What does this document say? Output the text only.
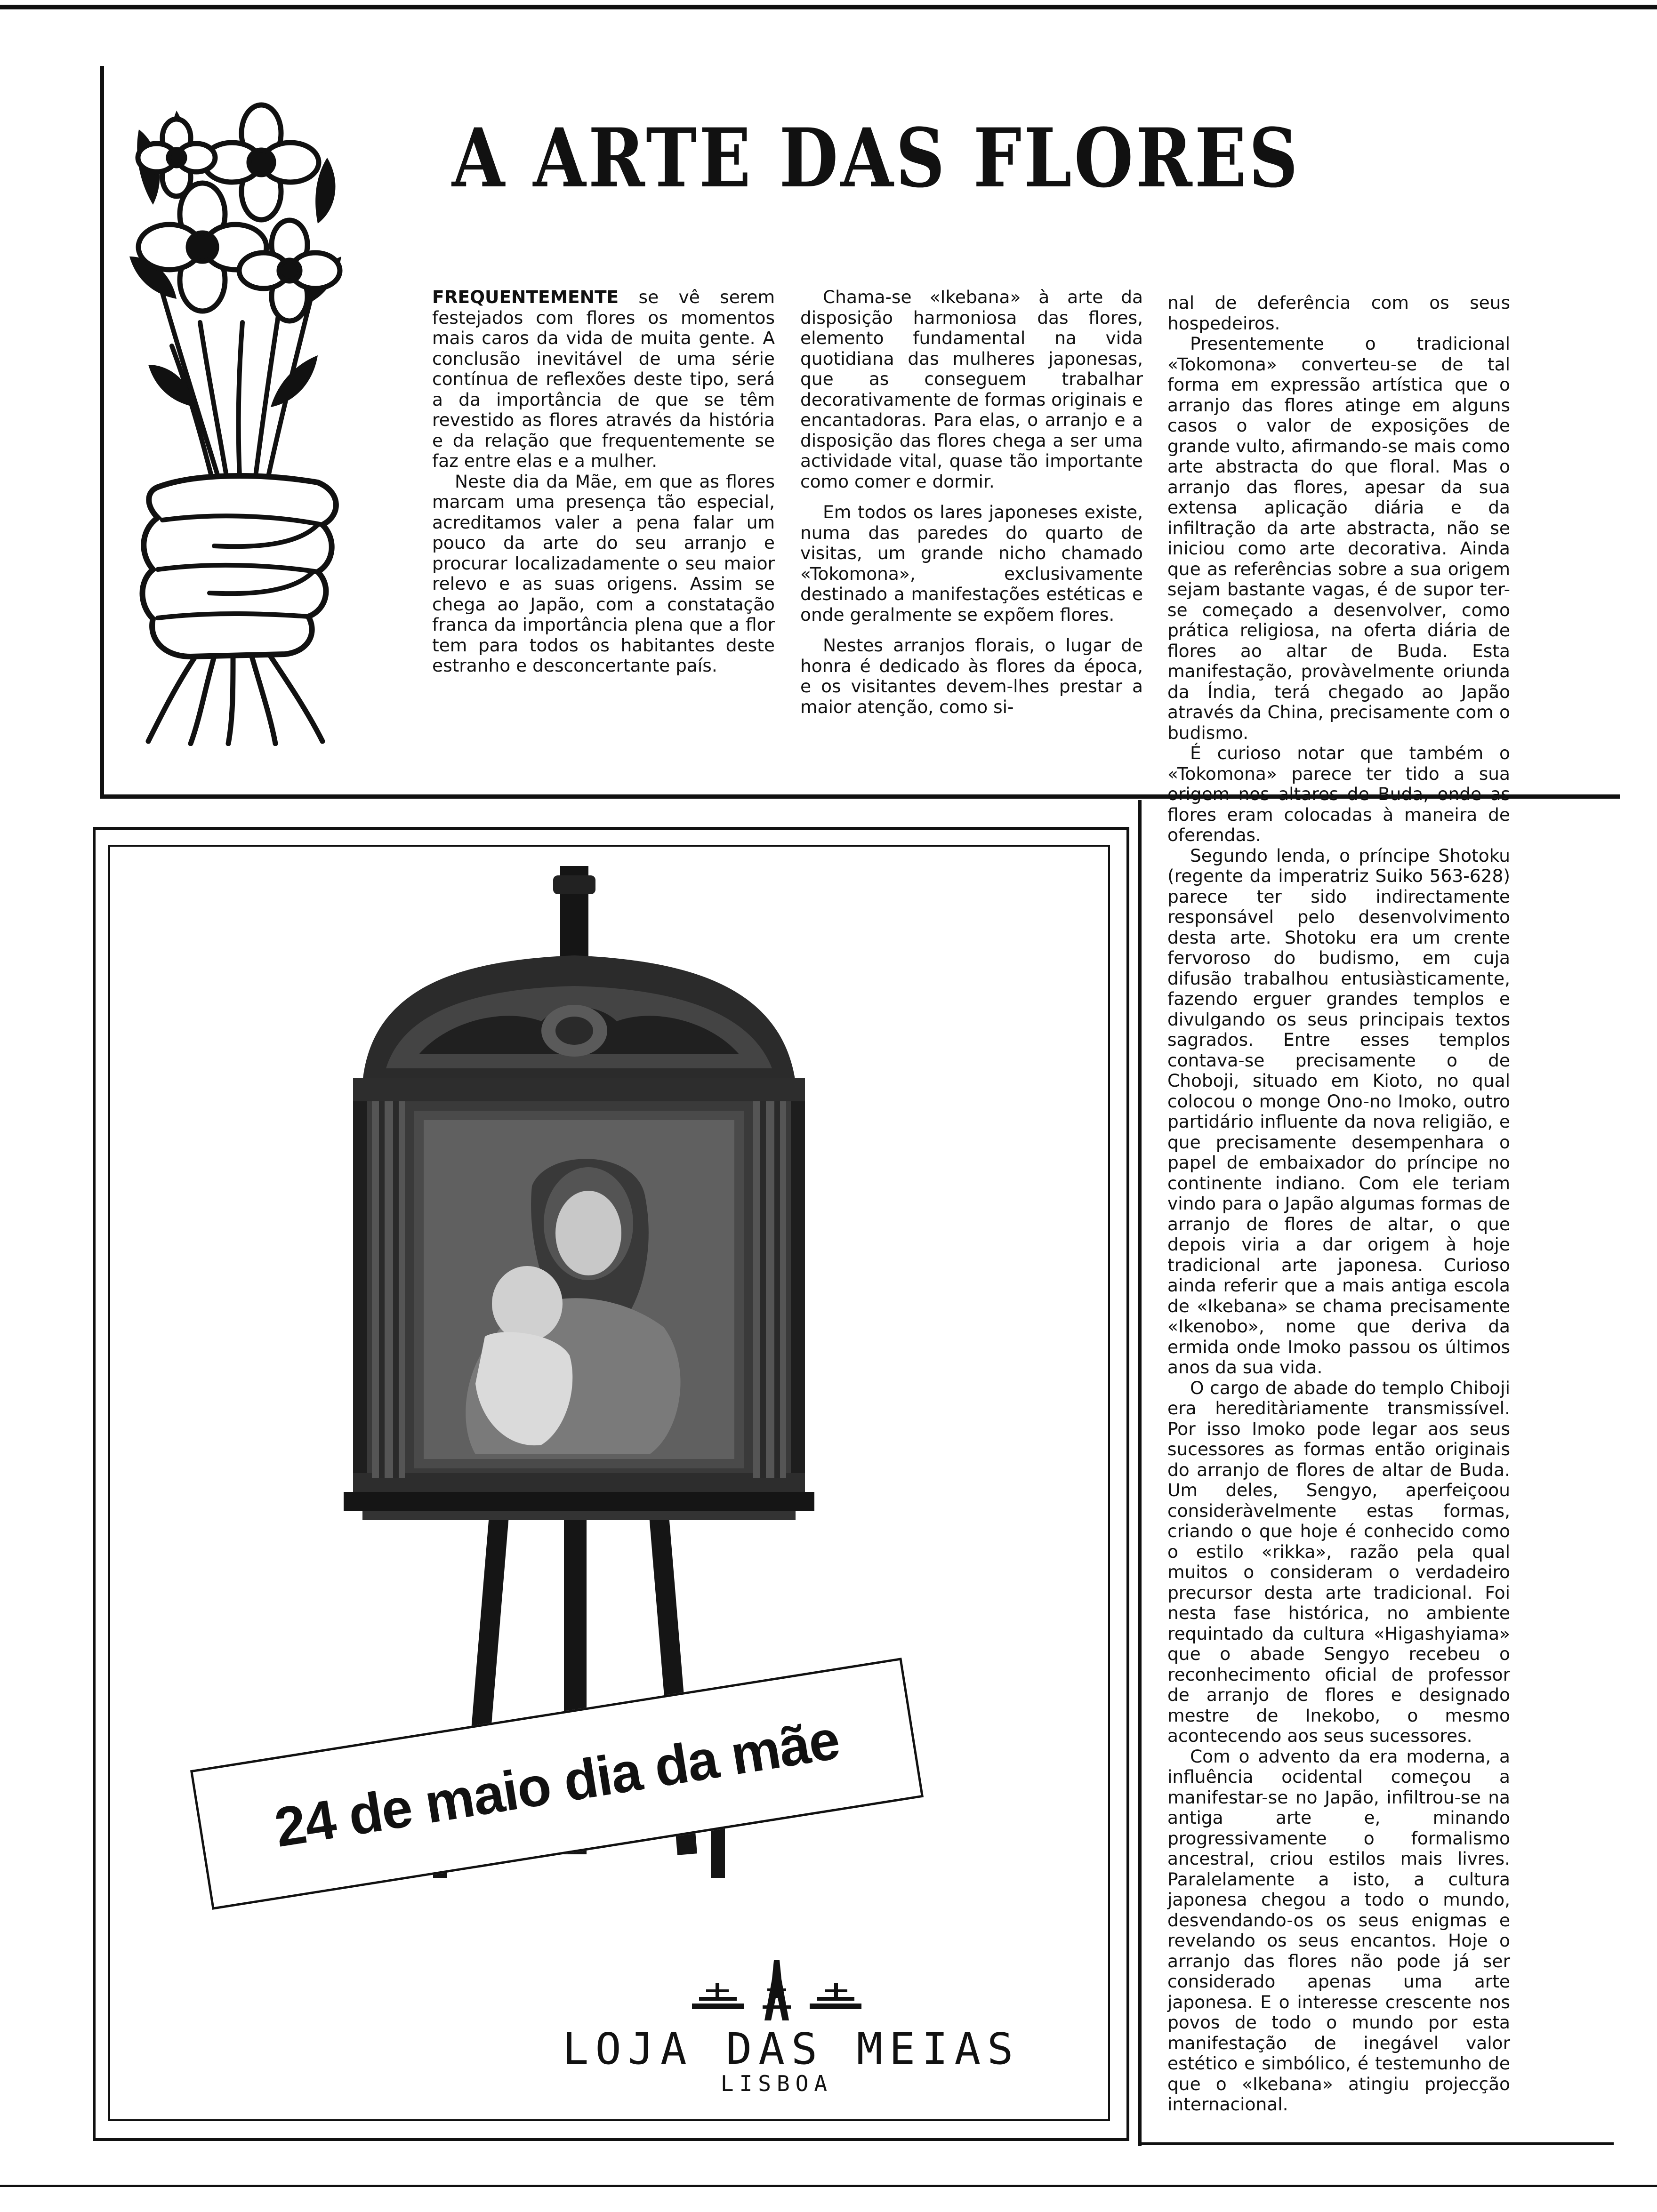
A ARTE DAS FLORES

FREQUENTEMENTE se vê serem festejados com flores os momentos mais caros da vida de muita gente. A conclusão inevitável de uma série contínua de reflexões deste tipo, será a da importância de que se têm revestido as flores através da história e da relação que frequentemente se faz entre elas e a mulher.

Neste dia da Mãe, em que as flores marcam uma presença tão especial, acreditamos valer a pena falar um pouco da arte do seu arranjo e procurar localizadamente o seu maior relevo e as suas origens. Assim se chega ao Japão, com a constatação franca da importância plena que a flor tem para todos os habitantes deste estranho e desconcertante país.

Chama-se «Ikebana» à arte da disposição harmoniosa das flores, elemento fundamental na vida quotidiana das mulheres japonesas, que as conseguem trabalhar decorativamente de formas originais e encantadoras. Para elas, o arranjo e a disposição das flores chega a ser uma actividade vital, quase tão importante como comer e dormir.

Em todos os lares japoneses existe, numa das paredes do quarto de visitas, um grande nicho chamado «Tokomona», exclusivamente destinado a manifestações estéticas e onde geralmente se expõem flores.

Nestes arranjos florais, o lugar de honra é dedicado às flores da época, e os visitantes devem-lhes prestar a maior atenção, como si-

nal de deferência com os seus hospedeiros.

Presentemente o tradicional «Tokomona» converteu-se de tal forma em expressão artística que o arranjo das flores atinge em alguns casos o valor de exposições de grande vulto, afirmando-se mais como arte abstracta do que floral. Mas o arranjo das flores, apesar da sua extensa aplicação diária e da infiltração da arte abstracta, não se iniciou como arte decorativa. Ainda que as referências sobre a sua origem sejam bastante vagas, é de supor ter-se começado a desenvolver, como prática religiosa, na oferta diária de flores ao altar de Buda. Esta manifestação, provàvelmente oriunda da Índia, terá chegado ao Japão através da China, precisamente com o budismo.

É curioso notar que também o «Tokomona» parece ter tido a sua origem nos altares de Buda, onde as flores eram colocadas à maneira de oferendas.

Segundo lenda, o príncipe Shotoku (regente da imperatriz Suiko 563-628) parece ter sido indirectamente responsável pelo desenvolvimento desta arte. Shotoku era um crente fervoroso do budismo, em cuja difusão trabalhou entusiàsticamente, fazendo erguer grandes templos e divulgando os seus principais textos sagrados. Entre esses templos contava-se precisamente o de Choboji, situado em Kioto, no qual colocou o monge Ono-no Imoko, outro partidário influente da nova religião, e que precisamente desempenhara o papel de embaixador do príncipe no continente indiano. Com ele teriam vindo para o Japão algumas formas de arranjo de flores de altar, o que depois viria a dar origem à hoje tradicional arte japonesa. Curioso ainda referir que a mais antiga escola de «Ikebana» se chama precisamente «Ikenobo», nome que deriva da ermida onde Imoko passou os últimos anos da sua vida.

O cargo de abade do templo Chiboji era hereditàriamente transmissível. Por isso Imoko pode legar aos seus sucessores as formas então originais do arranjo de flores de altar de Buda. Um deles, Sengyo, aperfeiçoou consideràvelmente estas formas, criando o que hoje é conhecido como o estilo «rikka», razão pela qual muitos o consideram o verdadeiro precursor desta arte tradicional. Foi nesta fase histórica, no ambiente requintado da cultura «Higashyiama» que o abade Sengyo recebeu o reconhecimento oficial de professor de arranjo de flores e designado mestre de Inekobo, o mesmo acontecendo aos seus sucessores.

Com o advento da era moderna, a influência ocidental começou a manifestar-se no Japão, infiltrou-se na antiga arte e, minando progressivamente o formalismo ancestral, criou estilos mais livres. Paralelamente a isto, a cultura japonesa chegou a todo o mundo, desvendando-os os seus enigmas e revelando os seus encantos. Hoje o arranjo das flores não pode já ser considerado apenas uma arte japonesa. E o interesse crescente nos povos de todo o mundo por esta manifestação de inegável valor estético e simbólico, é testemunho de que o «Ikebana» atingiu projecção internacional.

24 de maio dia da mãe
LOJA DAS MEIAS
LISBOA
